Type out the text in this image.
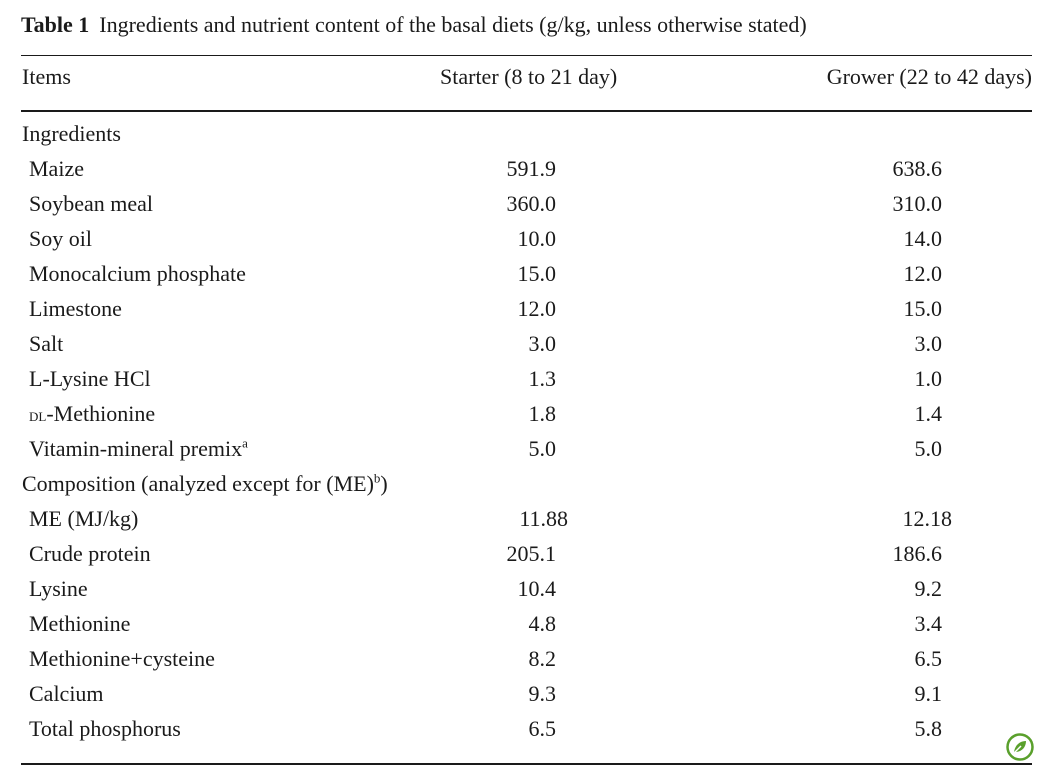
Table 1 Ingredients and nutrient content of the basal diets (g/kg, unless otherwise stated)
Items	Starter (8 to 21 day)	Grower (22 to 42 days)
Ingredients
Maize	591.9	638.6
Soybean meal	360.0	310.0
Soy oil	10.0	14.0
Monocalcium phosphate	15.0	12.0
Limestone	12.0	15.0
Salt	3.0	3.0
L-Lysine HCl	1.3	1.0
dl-Methionine	1.8	1.4
Vitamin-mineral premix$^a$	5.0	5.0
Composition (analyzed except for (ME)$^b$)
ME (MJ/kg)	11.88	12.18
Crude protein	205.1	186.6
Lysine	10.4	9.2
Methionine	4.8	3.4
Methionine+cysteine	8.2	6.5
Calcium	9.3	9.1
Total phosphorus	6.5	5.8
